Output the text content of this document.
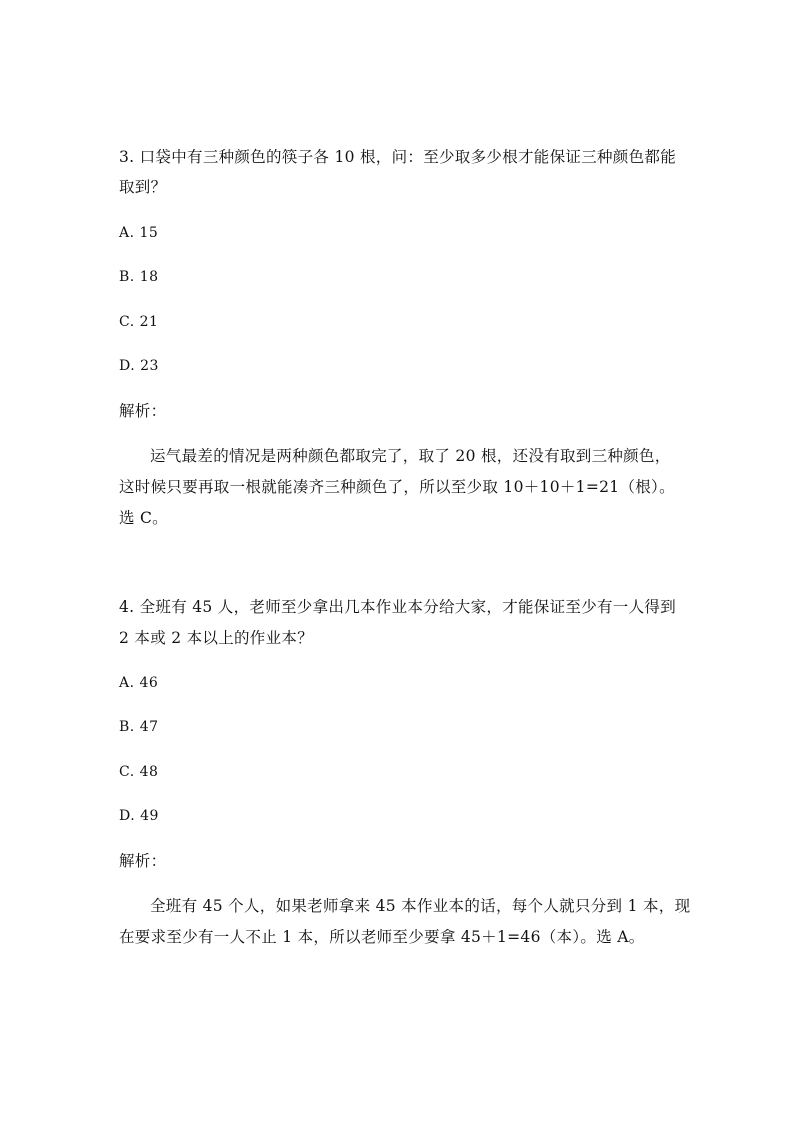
3. 口袋中有三种颜色的筷子各 10 根，问：至少取多少根才能保证三种颜色都能
取到？
A. 15
B. 18
C. 21
D. 23
解析：
运气最差的情况是两种颜色都取完了，取了 20 根，还没有取到三种颜色，
这时候只要再取一根就能凑齐三种颜色了，所以至少取 10＋10＋1=21（根）。
选 C。
4. 全班有 45 人，老师至少拿出几本作业本分给大家，才能保证至少有一人得到
2 本或 2 本以上的作业本？
A. 46
B. 47
C. 48
D. 49
解析：
全班有 45 个人，如果老师拿来 45 本作业本的话，每个人就只分到 1 本，现
在要求至少有一人不止 1 本，所以老师至少要拿 45＋1=46（本）。选 A。
